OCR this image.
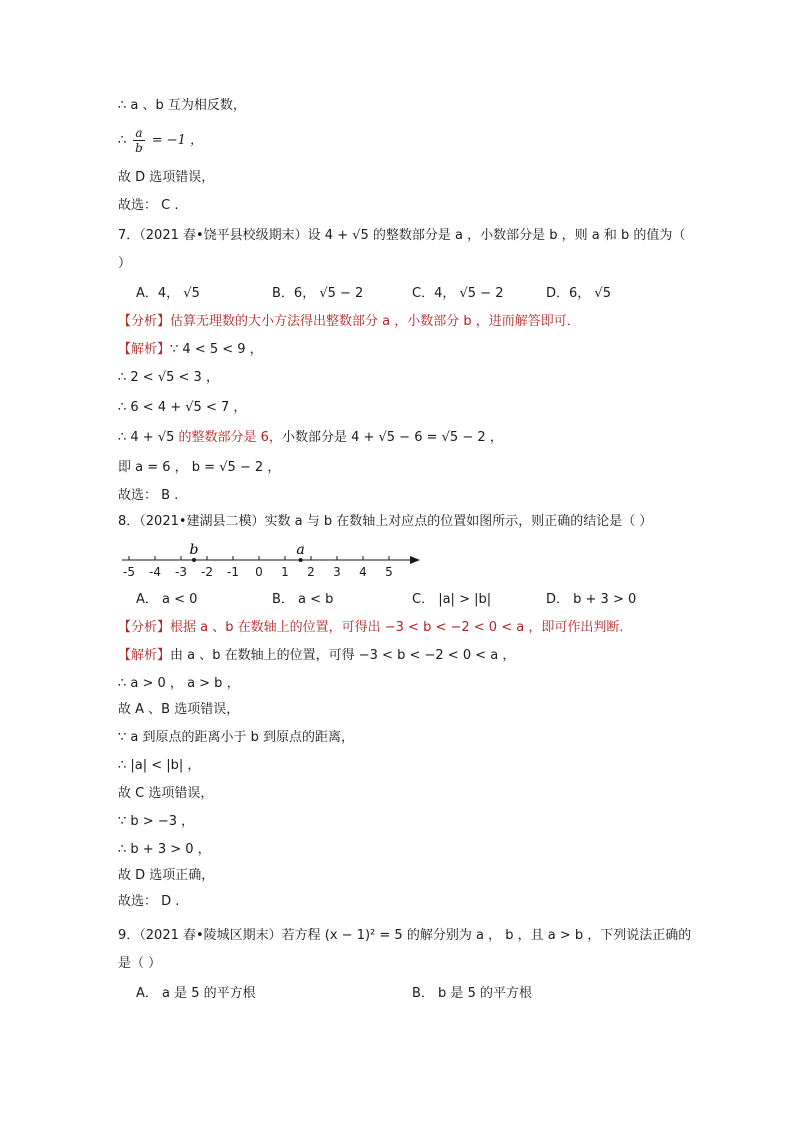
∴ a 、b 互为相反数，
∴ $\frac{a}{b} = -1$ ，
故 D 选项错误，
故选： C .
7．（2021 春•饶平县校级期末）设 4 + √5 的整数部分是 a ，小数部分是 b ，则 a 和 b 的值为（
）
A．4， √5	B．6， √5 − 2	C．4， √5 − 2	D．6， √5
【分析】估算无理数的大小方法得出整数部分 a ，小数部分 b ，进而解答即可．
【解析】∵ 4 < 5 < 9 ，
∴ 2 < √5 < 3 ，
∴ 6 < 4 + √5 < 7 ，
∴ 4 + √5 的整数部分是 6，小数部分是 4 + √5 − 6 = √5 − 2 ，
即 a = 6 ， b = √5 − 2 ，
故选： B .
8．（2021•建湖县二模）实数 a 与 b 在数轴上对应点的位置如图所示，则正确的结论是（ ）
-5 -4 -3 -2 -1 0 1 2 3 4 5
b	a
A． a < 0	B． a < b	C． |a| > |b|	D． b + 3 > 0
【分析】根据 a 、b 在数轴上的位置，可得出 −3 < b < −2 < 0 < a ，即可作出判断．
【解析】由 a 、b 在数轴上的位置，可得 −3 < b < −2 < 0 < a ，
∴ a > 0 ， a > b ，
故 A 、B 选项错误，
∵ a 到原点的距离小于 b 到原点的距离，
∴ |a| < |b| ，
故 C 选项错误，
∵ b > −3 ，
∴ b + 3 > 0 ，
故 D 选项正确，
故选： D .
9．（2021 春•陵城区期末）若方程 (x − 1)² = 5 的解分别为 a ， b ，且 a > b ，下列说法正确的
是（ ）
A． a 是 5 的平方根	B． b 是 5 的平方根
